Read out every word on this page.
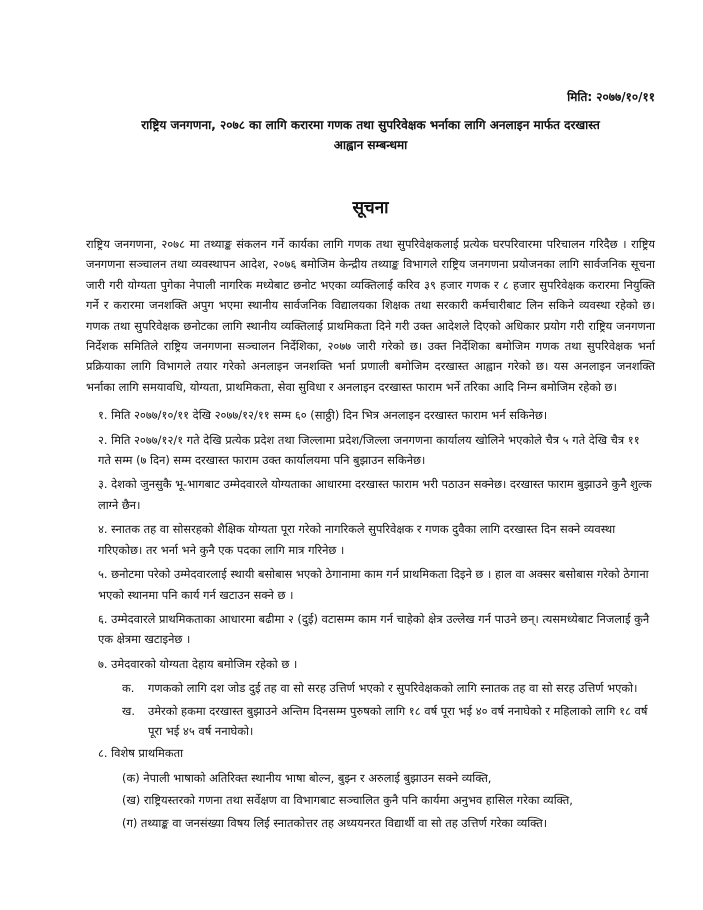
मिति: २०७७/१०/११

राष्ट्रिय जनगणना, २०७८ का लागि करारमा गणक तथा सुपरिवेक्षक भर्नाका लागि अनलाइन मार्फत दरखास्त

आह्वान सम्बन्धमा

सूचना

राष्ट्रिय जनगणना, २०७८ मा तथ्याङ्क संकलन गर्ने कार्यका लागि गणक तथा सुपरिवेक्षकलाई प्रत्येक घरपरिवारमा परिचालन गरिदैछ । राष्ट्रिय जनगणना सञ्चालन तथा व्यवस्थापन आदेश, २०७६ बमोजिम केन्द्रीय तथ्याङ्क विभागले राष्ट्रिय जनगणना प्रयोजनका लागि सार्वजनिक सूचना जारी गरी योग्यता पुगेका नेपाली नागरिक मध्येबाट छनोट भएका व्यक्तिलाई करिव ३९ हजार गणक र ८ हजार सुपरिवेक्षक करारमा नियुक्ति गर्ने र करारमा जनशक्ति अपुग भएमा स्थानीय सार्वजनिक विद्यालयका शिक्षक तथा सरकारी कर्मचारीबाट लिन सकिने व्यवस्था रहेको छ। गणक तथा सुपरिवेक्षक छनोटका लागि स्थानीय व्यक्तिलाई प्राथमिकता दिने गरी उक्त आदेशले दिएको अधिकार प्रयोग गरी राष्ट्रिय जनगणना निर्देशक समितिले राष्ट्रिय जनगणना सञ्चालन निर्देशिका, २०७७ जारी गरेको छ। उक्त निर्देशिका बमोजिम गणक तथा सुपरिवेक्षक भर्ना प्रक्रियाका लागि विभागले तयार गरेको अनलाइन जनशक्ति भर्ना प्रणाली बमोजिम दरखास्त आह्वान गरेको छ। यस अनलाइन जनशक्ति भर्नाका लागि समयावधि, योग्यता, प्राथमिकता, सेवा सुविधा र अनलाइन दरखास्त फाराम भर्ने तरिका आदि निम्न बमोजिम रहेको छ।

१. मिति २०७७/१०/११ देखि २०७७/१२/११ सम्म ६० (साठ्ठी) दिन भित्र अनलाइन दरखास्त फाराम भर्न सकिनेछ।
२. मिति २०७७/१२/१ गते देखि प्रत्येक प्रदेश तथा जिल्लामा प्रदेश/जिल्ला जनगणना कार्यालय खोलिने भएकोले चैत्र ५ गते देखि चैत्र ११ गते सम्म (७ दिन) सम्म दरखास्त फाराम उक्त कार्यालयमा पनि बुझाउन सकिनेछ।
३. देशको जुनसुकै भू-भागबाट उम्मेदवारले योग्यताका आधारमा दरखास्त फाराम भरी पठाउन सक्नेछ। दरखास्त फाराम बुझाउने कुनै शुल्क लाग्ने छैन।
४. स्नातक तह वा सोसरहको शैक्षिक योग्यता पूरा गरेको नागरिकले सुपरिवेक्षक र गणक दुवैका लागि दरखास्त दिन सक्ने व्यवस्था गरिएकोछ। तर भर्ना भने कुनै एक पदका लागि मात्र गरिनेछ ।
५. छनोटमा परेको उम्मेदवारलाई स्थायी बसोबास भएको ठेगानामा काम गर्न प्राथमिकता दिइने छ । हाल वा अक्सर बसोबास गरेको ठेगाना भएको स्थानमा पनि कार्य गर्न खटाउन सक्ने छ ।
६. उम्मेदवारले प्राथमिकताका आधारमा बढीमा २ (दुई) वटासम्म काम गर्न चाहेको क्षेत्र उल्लेख गर्न पाउने छन्। त्यसमध्येबाट निजलाई कुनै एक क्षेत्रमा खटाइनेछ ।
७. उमेदवारको योग्यता देहाय बमोजिम रहेको छ ।
क.	गणकको लागि दश जोड दुई तह वा सो सरह उत्तिर्ण भएको र सुपरिवेक्षकको लागि स्नातक तह वा सो सरह उत्तिर्ण भएको।
ख.	उमेरको हकमा दरखास्त बुझाउने अन्तिम दिनसम्म पुरुषको लागि १८ वर्ष पूरा भई ४० वर्ष ननाघेको र महिलाको लागि १८ वर्ष पूरा भई ४५ वर्ष ननाघेको।
८. विशेष प्राथमिकता
(क) नेपाली भाषाको अतिरिक्त स्थानीय भाषा बोल्न, बुझ्न र अरुलाई बुझाउन सक्ने व्यक्ति,
(ख) राष्ट्रियस्तरको गणना तथा सर्वेक्षण वा विभागबाट सञ्चालित कुनै पनि कार्यमा अनुभव हासिल गरेका व्यक्ति,
(ग) तथ्याङ्क वा जनसंख्या विषय लिई स्नातकोत्तर तह अध्ययनरत विद्यार्थी वा सो तह उत्तिर्ण गरेका व्यक्ति।
